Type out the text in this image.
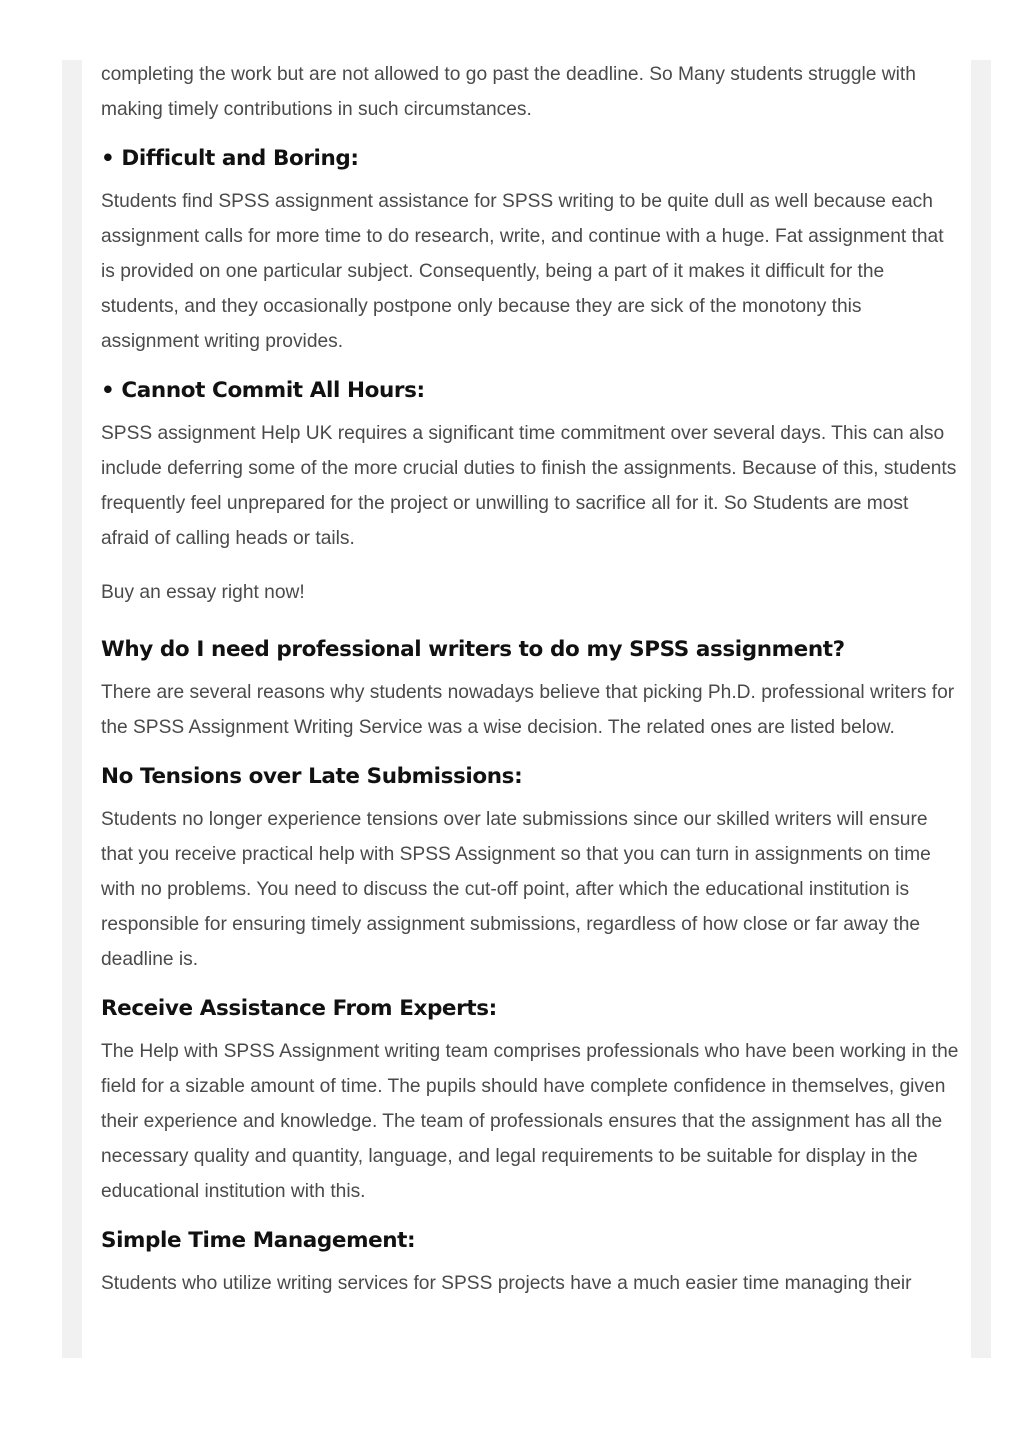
completing the work but are not allowed to go past the deadline. So Many students struggle with making timely contributions in such circumstances.

• Difficult and Boring:

Students find SPSS assignment assistance for SPSS writing to be quite dull as well because each assignment calls for more time to do research, write, and continue with a huge. Fat assignment that is provided on one particular subject. Consequently, being a part of it makes it difficult for the students, and they occasionally postpone only because they are sick of the monotony this assignment writing provides.

• Cannot Commit All Hours:

SPSS assignment Help UK requires a significant time commitment over several days. This can also include deferring some of the more crucial duties to finish the assignments. Because of this, students frequently feel unprepared for the project or unwilling to sacrifice all for it. So Students are most afraid of calling heads or tails.

Buy an essay right now!

Why do I need professional writers to do my SPSS assignment?

There are several reasons why students nowadays believe that picking Ph.D. professional writers for the SPSS Assignment Writing Service was a wise decision. The related ones are listed below.

No Tensions over Late Submissions:

Students no longer experience tensions over late submissions since our skilled writers will ensure that you receive practical help with SPSS Assignment so that you can turn in assignments on time with no problems. You need to discuss the cut-off point, after which the educational institution is responsible for ensuring timely assignment submissions, regardless of how close or far away the deadline is.

Receive Assistance From Experts:

The Help with SPSS Assignment writing team comprises professionals who have been working in the field for a sizable amount of time. The pupils should have complete confidence in themselves, given their experience and knowledge. The team of professionals ensures that the assignment has all the necessary quality and quantity, language, and legal requirements to be suitable for display in the educational institution with this.

Simple Time Management:

Students who utilize writing services for SPSS projects have a much easier time managing their
